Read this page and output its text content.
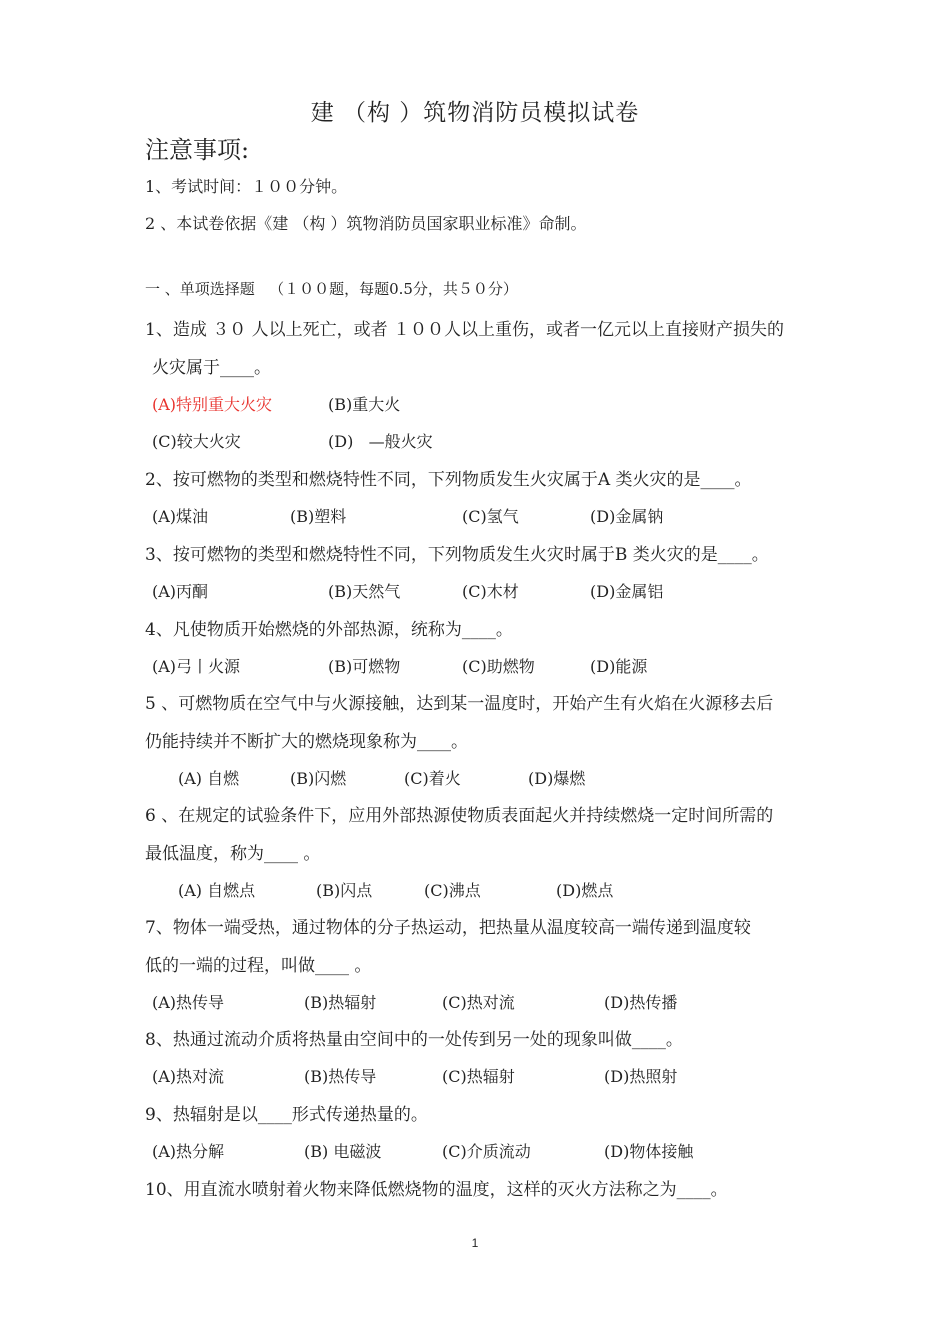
建 （构 ）筑物消防员模拟试卷
注意事项:
1、考试时间：１００分钟。
2 、本试卷依据《建 （构 ）筑物消防员国家职业标准》命制。
一 、单项选择题   （１００题，每题0.5分，共５０分）
1、造成 ３０ 人以上死亡，或者 １００人以上重伤，或者一亿元以上直接财产损失的
火灾属于____。
(A)特别重大火灾	(B)重大火
(C)较大火灾	(D)   —般火灾
2、按可燃物的类型和燃烧特性不同，下列物质发生火灾属于A 类火灾的是____。
(A)煤油	(B)塑料	(C)氢气	(D)金属钠
3、按可燃物的类型和燃烧特性不同，下列物质发生火灾时属于B 类火灾的是____。
(A)丙酮	(B)天然气	(C)木材	(D)金属铝
4、凡使物质开始燃烧的外部热源，统称为____。
(A)弓丨火源	(B)可燃物	(C)助燃物	(D)能源
5 、可燃物质在空气中与火源接触，达到某一温度时，开始产生有火焰在火源移去后
仍能持续并不断扩大的燃烧现象称为____。
(A) 自燃	(B)闪燃	(C)着火	(D)爆燃
6 、在规定的试验条件下，应用外部热源使物质表面起火并持续燃烧一定时间所需的
最低温度，称为____ 。
(A) 自燃点	(B)闪点	(C)沸点	(D)燃点
7、物体一端受热，通过物体的分子热运动，把热量从温度较高一端传递到温度较
低的一端的过程，叫做____ 。
(A)热传导	(B)热辐射	(C)热对流	(D)热传播
8、热通过流动介质将热量由空间中的一处传到另一处的现象叫做____。
(A)热对流	(B)热传导	(C)热辐射	(D)热照射
9、热辐射是以____形式传递热量的。
(A)热分解	(B) 电磁波	(C)介质流动	(D)物体接触
10、用直流水喷射着火物来降低燃烧物的温度，这样的灭火方法称之为____。
1
